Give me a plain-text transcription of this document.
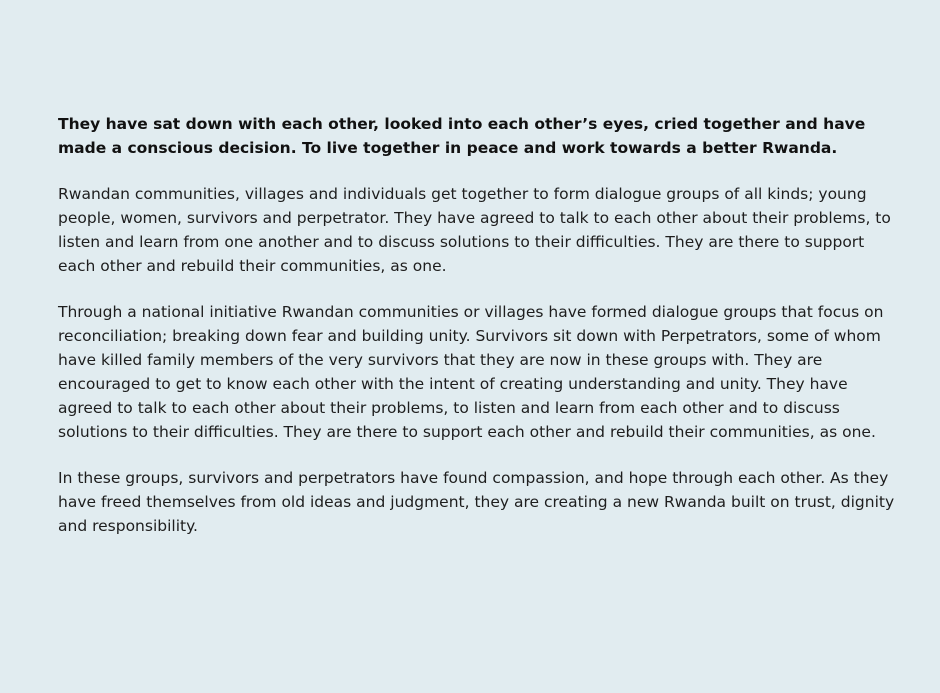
They have sat down with each other, looked into each other’s eyes, cried together and have made a conscious decision. To live together in peace and work towards a better Rwanda.

Rwandan communities, villages and individuals get together to form dialogue groups of all kinds; young people, women, survivors and perpetrator. They have agreed to talk to each other about their problems, to listen and learn from one another and to discuss solutions to their difficulties. They are there to support each other and rebuild their communities, as one.

Through a national initiative Rwandan communities or villages have formed dialogue groups that focus on reconciliation; breaking down fear and building unity. Survivors sit down with Perpetrators, some of whom have killed family members of the very survivors that they are now in these groups with. They are encouraged to get to know each other with the intent of creating understanding and unity. They have agreed to talk to each other about their problems, to listen and learn from each other and to discuss solutions to their difficulties. They are there to support each other and rebuild their communities, as one.

In these groups, survivors and perpetrators have found compassion, and hope through each other. As they have freed themselves from old ideas and judgment, they are creating a new Rwanda built on trust, dignity and responsibility.
